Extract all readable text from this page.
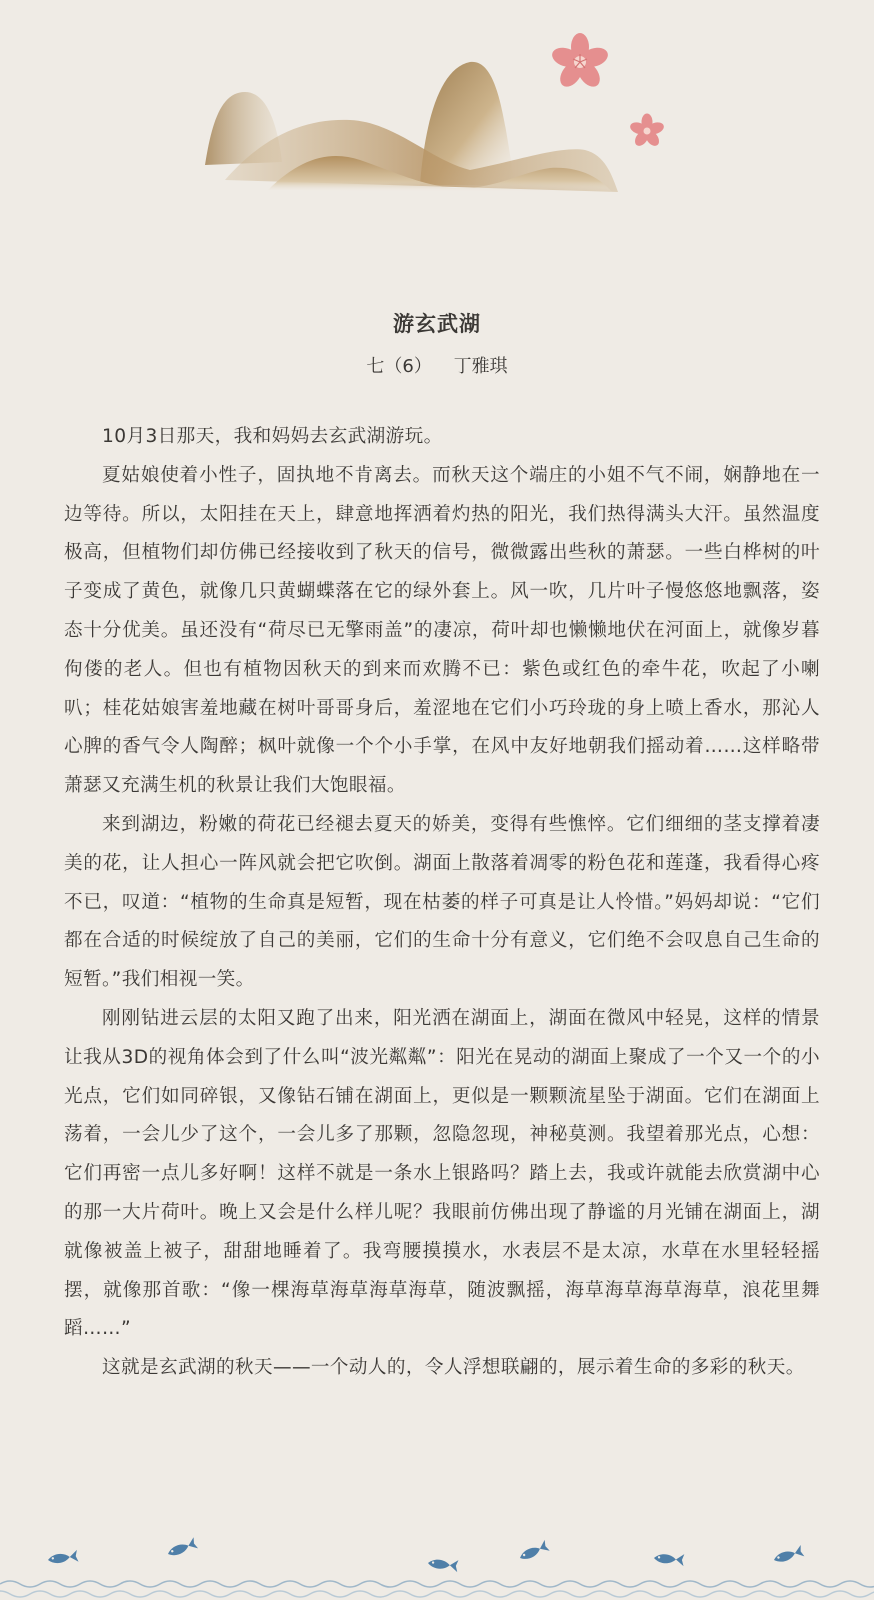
游玄武湖
七（6） 丁雅琪

10月3日那天，我和妈妈去玄武湖游玩。

夏姑娘使着小性子，固执地不肯离去。而秋天这个端庄的小姐不气不闹，娴静地在一边等待。所以，太阳挂在天上，肆意地挥洒着灼热的阳光，我们热得满头大汗。虽然温度极高，但植物们却仿佛已经接收到了秋天的信号，微微露出些秋的萧瑟。一些白桦树的叶子变成了黄色，就像几只黄蝴蝶落在它的绿外套上。风一吹，几片叶子慢悠悠地飘落，姿态十分优美。虽还没有“荷尽已无擎雨盖”的凄凉，荷叶却也懒懒地伏在河面上，就像岁暮佝偻的老人。但也有植物因秋天的到来而欢腾不已：紫色或红色的牵牛花，吹起了小喇叭；桂花姑娘害羞地藏在树叶哥哥身后，羞涩地在它们小巧玲珑的身上喷上香水，那沁人心脾的香气令人陶醉；枫叶就像一个个小手掌，在风中友好地朝我们摇动着……这样略带萧瑟又充满生机的秋景让我们大饱眼福。

来到湖边，粉嫩的荷花已经褪去夏天的娇美，变得有些憔悴。它们细细的茎支撑着凄美的花，让人担心一阵风就会把它吹倒。湖面上散落着凋零的粉色花和莲蓬，我看得心疼不已，叹道：“植物的生命真是短暂，现在枯萎的样子可真是让人怜惜。”妈妈却说：“它们都在合适的时候绽放了自己的美丽，它们的生命十分有意义，它们绝不会叹息自己生命的短暂。”我们相视一笑。

刚刚钻进云层的太阳又跑了出来，阳光洒在湖面上，湖面在微风中轻晃，这样的情景让我从3D的视角体会到了什么叫“波光粼粼”：阳光在晃动的湖面上聚成了一个又一个的小光点，它们如同碎银，又像钻石铺在湖面上，更似是一颗颗流星坠于湖面。它们在湖面上荡着，一会儿少了这个，一会儿多了那颗，忽隐忽现，神秘莫测。我望着那光点，心想：它们再密一点儿多好啊！这样不就是一条水上银路吗？踏上去，我或许就能去欣赏湖中心的那一大片荷叶。晚上又会是什么样儿呢？我眼前仿佛出现了静谧的月光铺在湖面上，湖就像被盖上被子，甜甜地睡着了。我弯腰摸摸水，水表层不是太凉，水草在水里轻轻摇摆，就像那首歌：“像一棵海草海草海草海草，随波飘摇，海草海草海草海草，浪花里舞蹈……”

这就是玄武湖的秋天——一个动人的，令人浮想联翩的，展示着生命的多彩的秋天。
